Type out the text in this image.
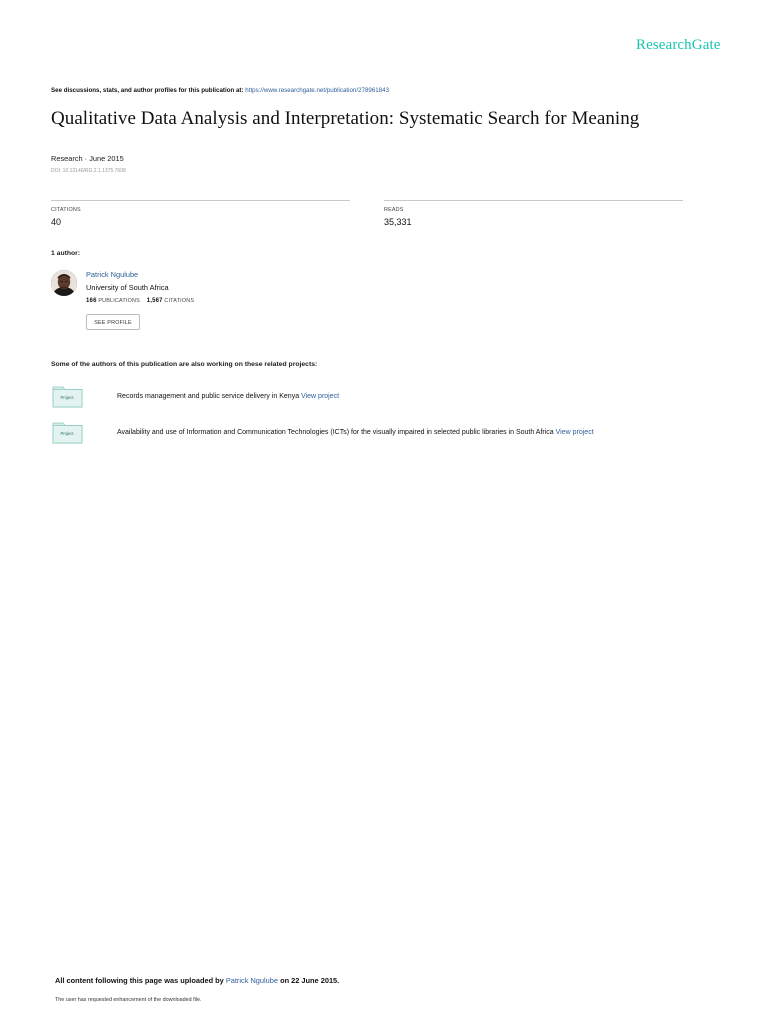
ResearchGate
See discussions, stats, and author profiles for this publication at: https://www.researchgate.net/publication/278961843
Qualitative Data Analysis and Interpretation: Systematic Search for Meaning
Research · June 2015
DOI: 10.13140/RG.2.1.1375.7608
CITATIONS
40
READS
35,331
1 author:
Patrick Ngulube
University of South Africa
166 PUBLICATIONS 1,567 CITATIONS
SEE PROFILE
Some of the authors of this publication are also working on these related projects:
Project	Records management and public service delivery in Kenya View project
Project	Availability and use of Information and Communication Technologies (ICTs) for the visually impaired in selected public libraries in South Africa View project
All content following this page was uploaded by Patrick Ngulube on 22 June 2015.
The user has requested enhancement of the downloaded file.
